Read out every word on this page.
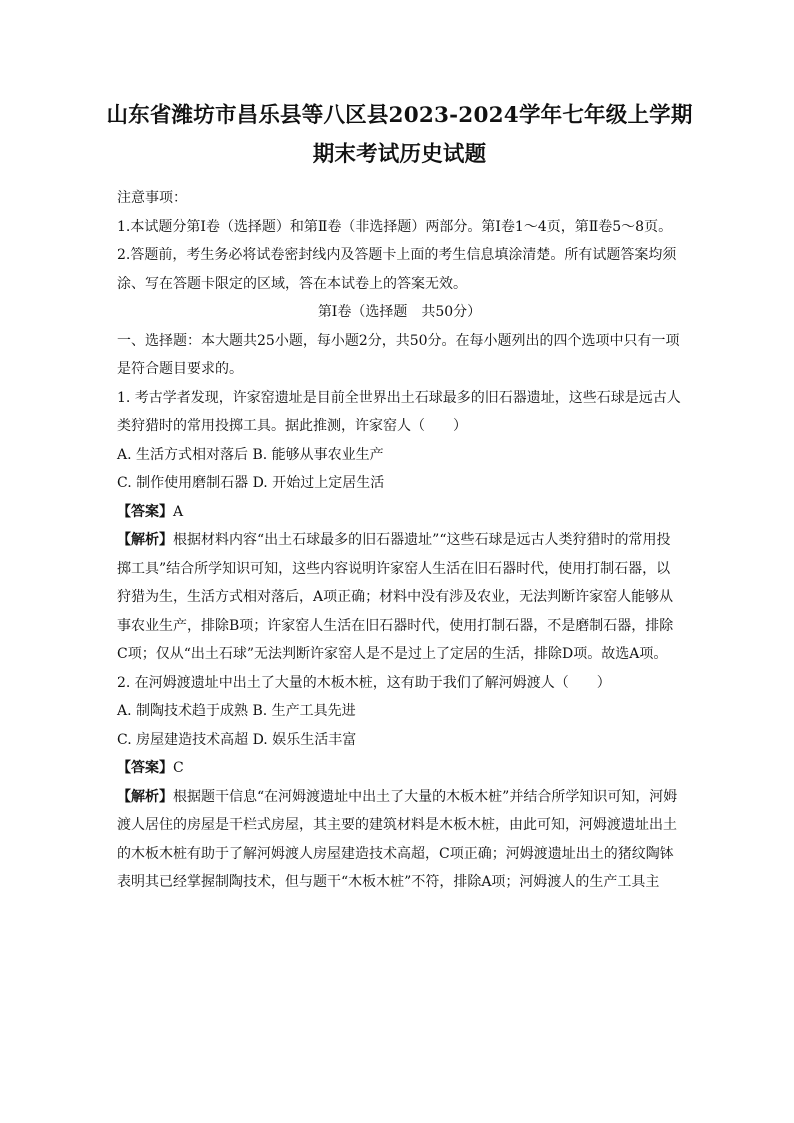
山东省潍坊市昌乐县等八区县2023-2024学年七年级上学期
期末考试历史试题

注意事项：

1.本试题分第Ⅰ卷（选择题）和第Ⅱ卷（非选择题）两部分。第Ⅰ卷1～4页，第Ⅱ卷5～8页。

2.答题前，考生务必将试卷密封线内及答题卡上面的考生信息填涂清楚。所有试题答案均须涂、写在答题卡限定的区域，答在本试卷上的答案无效。

第Ⅰ卷（选择题　共50分）

一、选择题：本大题共25小题，每小题2分，共50分。在每小题列出的四个选项中只有一项是符合题目要求的。

1. 考古学者发现，许家窑遗址是目前全世界出土石球最多的旧石器遗址，这些石球是远古人类狩猎时的常用投掷工具。据此推测，许家窑人（　　）

A. 生活方式相对落后 B. 能够从事农业生产

C. 制作使用磨制石器 D. 开始过上定居生活

【答案】A

【解析】根据材料内容“出土石球最多的旧石器遗址”“这些石球是远古人类狩猎时的常用投掷工具”结合所学知识可知，这些内容说明许家窑人生活在旧石器时代，使用打制石器，以狩猎为生，生活方式相对落后，A项正确；材料中没有涉及农业，无法判断许家窑人能够从事农业生产，排除B项；许家窑人生活在旧石器时代，使用打制石器，不是磨制石器，排除C项；仅从“出土石球”无法判断许家窑人是不是过上了定居的生活，排除D项。故选A项。

2. 在河姆渡遗址中出土了大量的木板木桩，这有助于我们了解河姆渡人（　　）

A. 制陶技术趋于成熟 B. 生产工具先进

C. 房屋建造技术高超 D. 娱乐生活丰富

【答案】C

【解析】根据题干信息“在河姆渡遗址中出土了大量的木板木桩”并结合所学知识可知，河姆渡人居住的房屋是干栏式房屋，其主要的建筑材料是木板木桩，由此可知，河姆渡遗址出土的木板木桩有助于了解河姆渡人房屋建造技术高超，C项正确；河姆渡遗址出土的猪纹陶钵表明其已经掌握制陶技术，但与题干“木板木桩”不符，排除A项；河姆渡人的生产工具主
